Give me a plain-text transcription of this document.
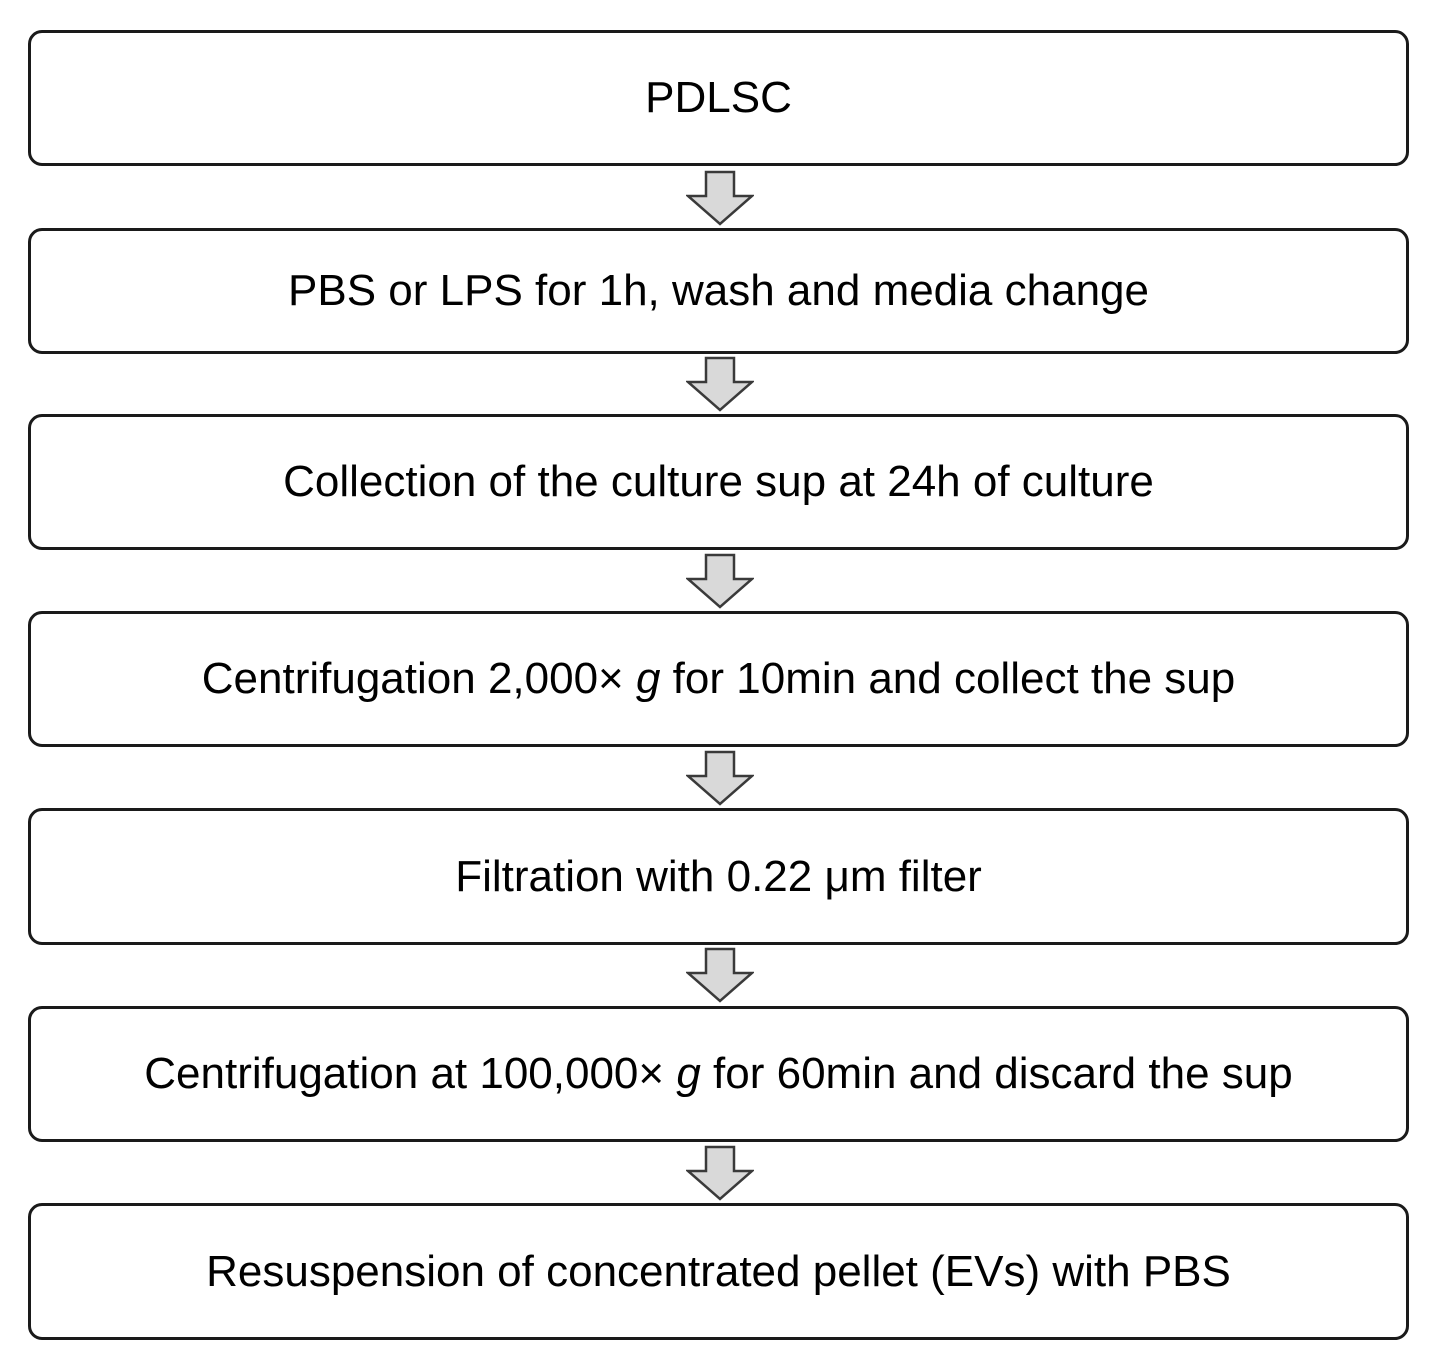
PDLSC
PBS or LPS for 1h, wash and media change
Collection of the culture sup at 24h of culture
Centrifugation 2,000× g for 10min and collect the sup
Filtration with 0.22 μm filter
Centrifugation at 100,000× g for 60min and discard the sup
Resuspension of concentrated pellet (EVs) with PBS
